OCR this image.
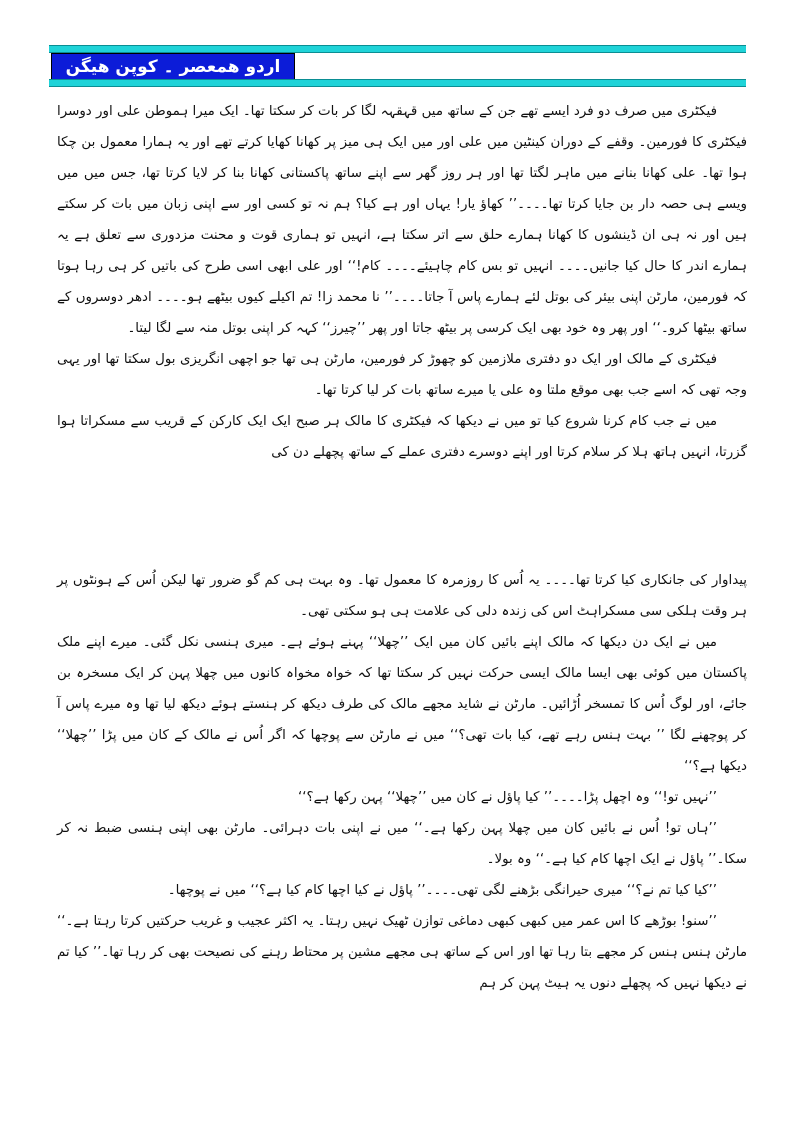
اردو ھمعصر ۔ کوپن ھیگن

فیکٹری میں صرف دو فرد ایسے تھے جن کے ساتھ میں قہقہہ لگا کر بات کر سکتا تھا۔ ایک میرا ہموطن علی اور دوسرا فیکٹری کا فورمین۔ وقفے کے دوران کینٹین میں علی اور میں ایک ہی میز پر کھانا کھایا کرتے تھے اور یہ ہمارا معمول بن چکا ہوا تھا۔ علی کھانا بنانے میں ماہر لگتا تھا اور ہر روز گھر سے اپنے ساتھ پاکستانی کھانا بنا کر لایا کرتا تھا، جس میں میں ویسے ہی حصہ دار بن جایا کرتا تھا۔۔۔۔’’ کھاؤ یار! یہاں اور ہے کیا؟ ہم نہ تو کسی اور سے اپنی زبان میں بات کر سکتے ہیں اور نہ ہی ان ڈینشوں کا کھانا ہمارے حلق سے اتر سکتا ہے، انہیں تو ہماری قوت و محنت مزدوری سے تعلق ہے یہ ہمارے اندر کا حال کیا جانیں۔۔۔۔ انہیں تو بس کام چاہیئے۔۔۔۔ کام!‘‘ اور علی ابھی اسی طرح کی باتیں کر ہی رہا ہوتا کہ فورمین، مارٹن اپنی بیئر کی بوتل لئے ہمارے پاس آ جاتا۔۔۔۔’’ نا محمد زا! تم اکیلے کیوں بیٹھے ہو۔۔۔۔ ادھر دوسروں کے ساتھ بیٹھا کرو۔‘‘ اور پھر وہ خود بھی ایک کرسی پر بیٹھ جاتا اور پھر ’’چیرز‘‘ کہہ کر اپنی بوتل منہ سے لگا لیتا۔

فیکٹری کے مالک اور ایک دو دفتری ملازمین کو چھوڑ کر فورمین، مارٹن ہی تھا جو اچھی انگریزی بول سکتا تھا اور یہی وجہ تھی کہ اسے جب بھی موقع ملتا وہ علی یا میرے ساتھ بات کر لیا کرتا تھا۔

میں نے جب کام کرنا شروع کیا تو میں نے دیکھا کہ فیکٹری کا مالک ہر صبح ایک ایک کارکن کے قریب سے مسکراتا ہوا گزرتا، انہیں ہاتھ ہلا کر سلام کرتا اور اپنے دوسرے دفتری عملے کے ساتھ پچھلے دن کی

پیداوار کی جانکاری کیا کرتا تھا۔۔۔۔ یہ اُس کا روزمرہ کا معمول تھا۔ وہ بہت ہی کم گو ضرور تھا لیکن اُس کے ہونٹوں پر ہر وقت ہلکی سی مسکراہٹ اس کی زندہ دلی کی علامت ہی ہو سکتی تھی۔

میں نے ایک دن دیکھا کہ مالک اپنے بائیں کان میں ایک ’’چھلا‘‘ پہنے ہوئے ہے۔ میری ہنسی نکل گئی۔ میرے اپنے ملک پاکستان میں کوئی بھی ایسا مالک ایسی حرکت نہیں کر سکتا تھا کہ خواہ مخواہ کانوں میں چھلا پہن کر ایک مسخرہ بن جائے، اور لوگ اُس کا تمسخر اُڑائیں۔ مارٹن نے شاید مجھے مالک کی طرف دیکھ کر ہنستے ہوئے دیکھ لیا تھا وہ میرے پاس آ کر پوچھنے لگا ’’ بہت ہنس رہے تھے، کیا بات تھی؟‘‘ میں نے مارٹن سے پوچھا کہ اگر اُس نے مالک کے کان میں پڑا ’’چھلا‘‘ دیکھا ہے؟‘‘

’’نہیں تو!‘‘ وہ اچھل پڑا۔۔۔۔’’ کیا پاؤل نے کان میں ’’چھلا‘‘ پہن رکھا ہے؟‘‘

’’ہاں تو! اُس نے بائیں کان میں چھلا پہن رکھا ہے۔‘‘ میں نے اپنی بات دہرائی۔ مارٹن بھی اپنی ہنسی ضبط نہ کر سکا۔’’ پاؤل نے ایک اچھا کام کیا ہے۔‘‘ وہ بولا۔

’’کیا کیا تم نے؟‘‘ میری حیرانگی بڑھنے لگی تھی۔۔۔۔’’ پاؤل نے کیا اچھا کام کیا ہے؟‘‘ میں نے پوچھا۔

’’سنو! بوڑھے کا اس عمر میں کبھی کبھی دماغی توازن ٹھیک نہیں رہتا۔ یہ اکثر عجیب و غریب حرکتیں کرتا رہتا ہے۔‘‘ مارٹن ہنس ہنس کر مجھے بتا رہا تھا اور اس کے ساتھ ہی مجھے مشین پر محتاط رہنے کی نصیحت بھی کر رہا تھا۔’’ کیا تم نے دیکھا نہیں کہ پچھلے دنوں یہ ہیٹ پہن کر ہم
